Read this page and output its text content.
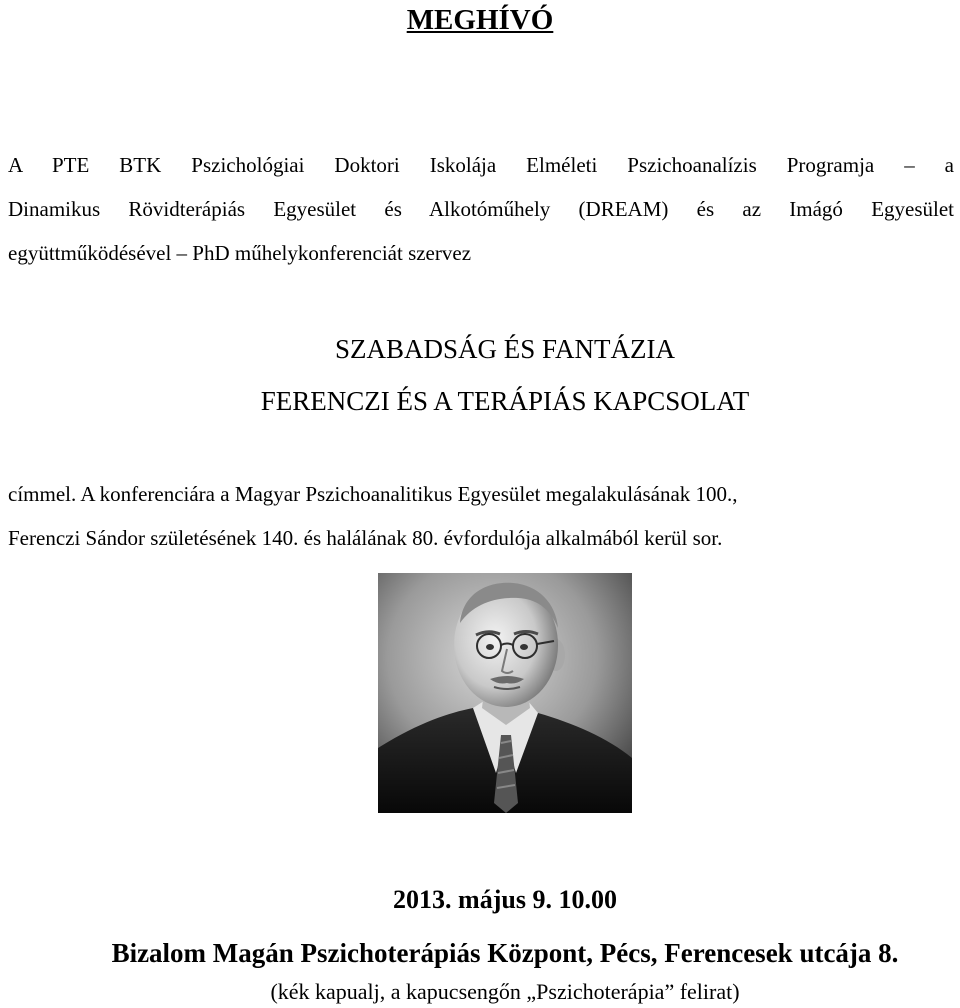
MEGHÍVÓ
A PTE BTK Pszichológiai Doktori Iskolája Elméleti Pszichoanalízis Programja – a
Dinamikus Rövidterápiás Egyesület és Alkotóműhely (DREAM) és az Imágó Egyesület
együttműködésével – PhD műhelykonferenciát szervez
SZABADSÁG ÉS FANTÁZIA
FERENCZI ÉS A TERÁPIÁS KAPCSOLAT
címmel. A konferenciára a Magyar Pszichoanalitikus Egyesület megalakulásának 100.,
Ferenczi Sándor születésének 140. és halálának 80. évfordulója alkalmából kerül sor.
2013. május 9. 10.00
Bizalom Magán Pszichoterápiás Központ, Pécs, Ferencesek utcája 8.
(kék kapualj, a kapucsengőn „Pszichoterápia” felirat)
